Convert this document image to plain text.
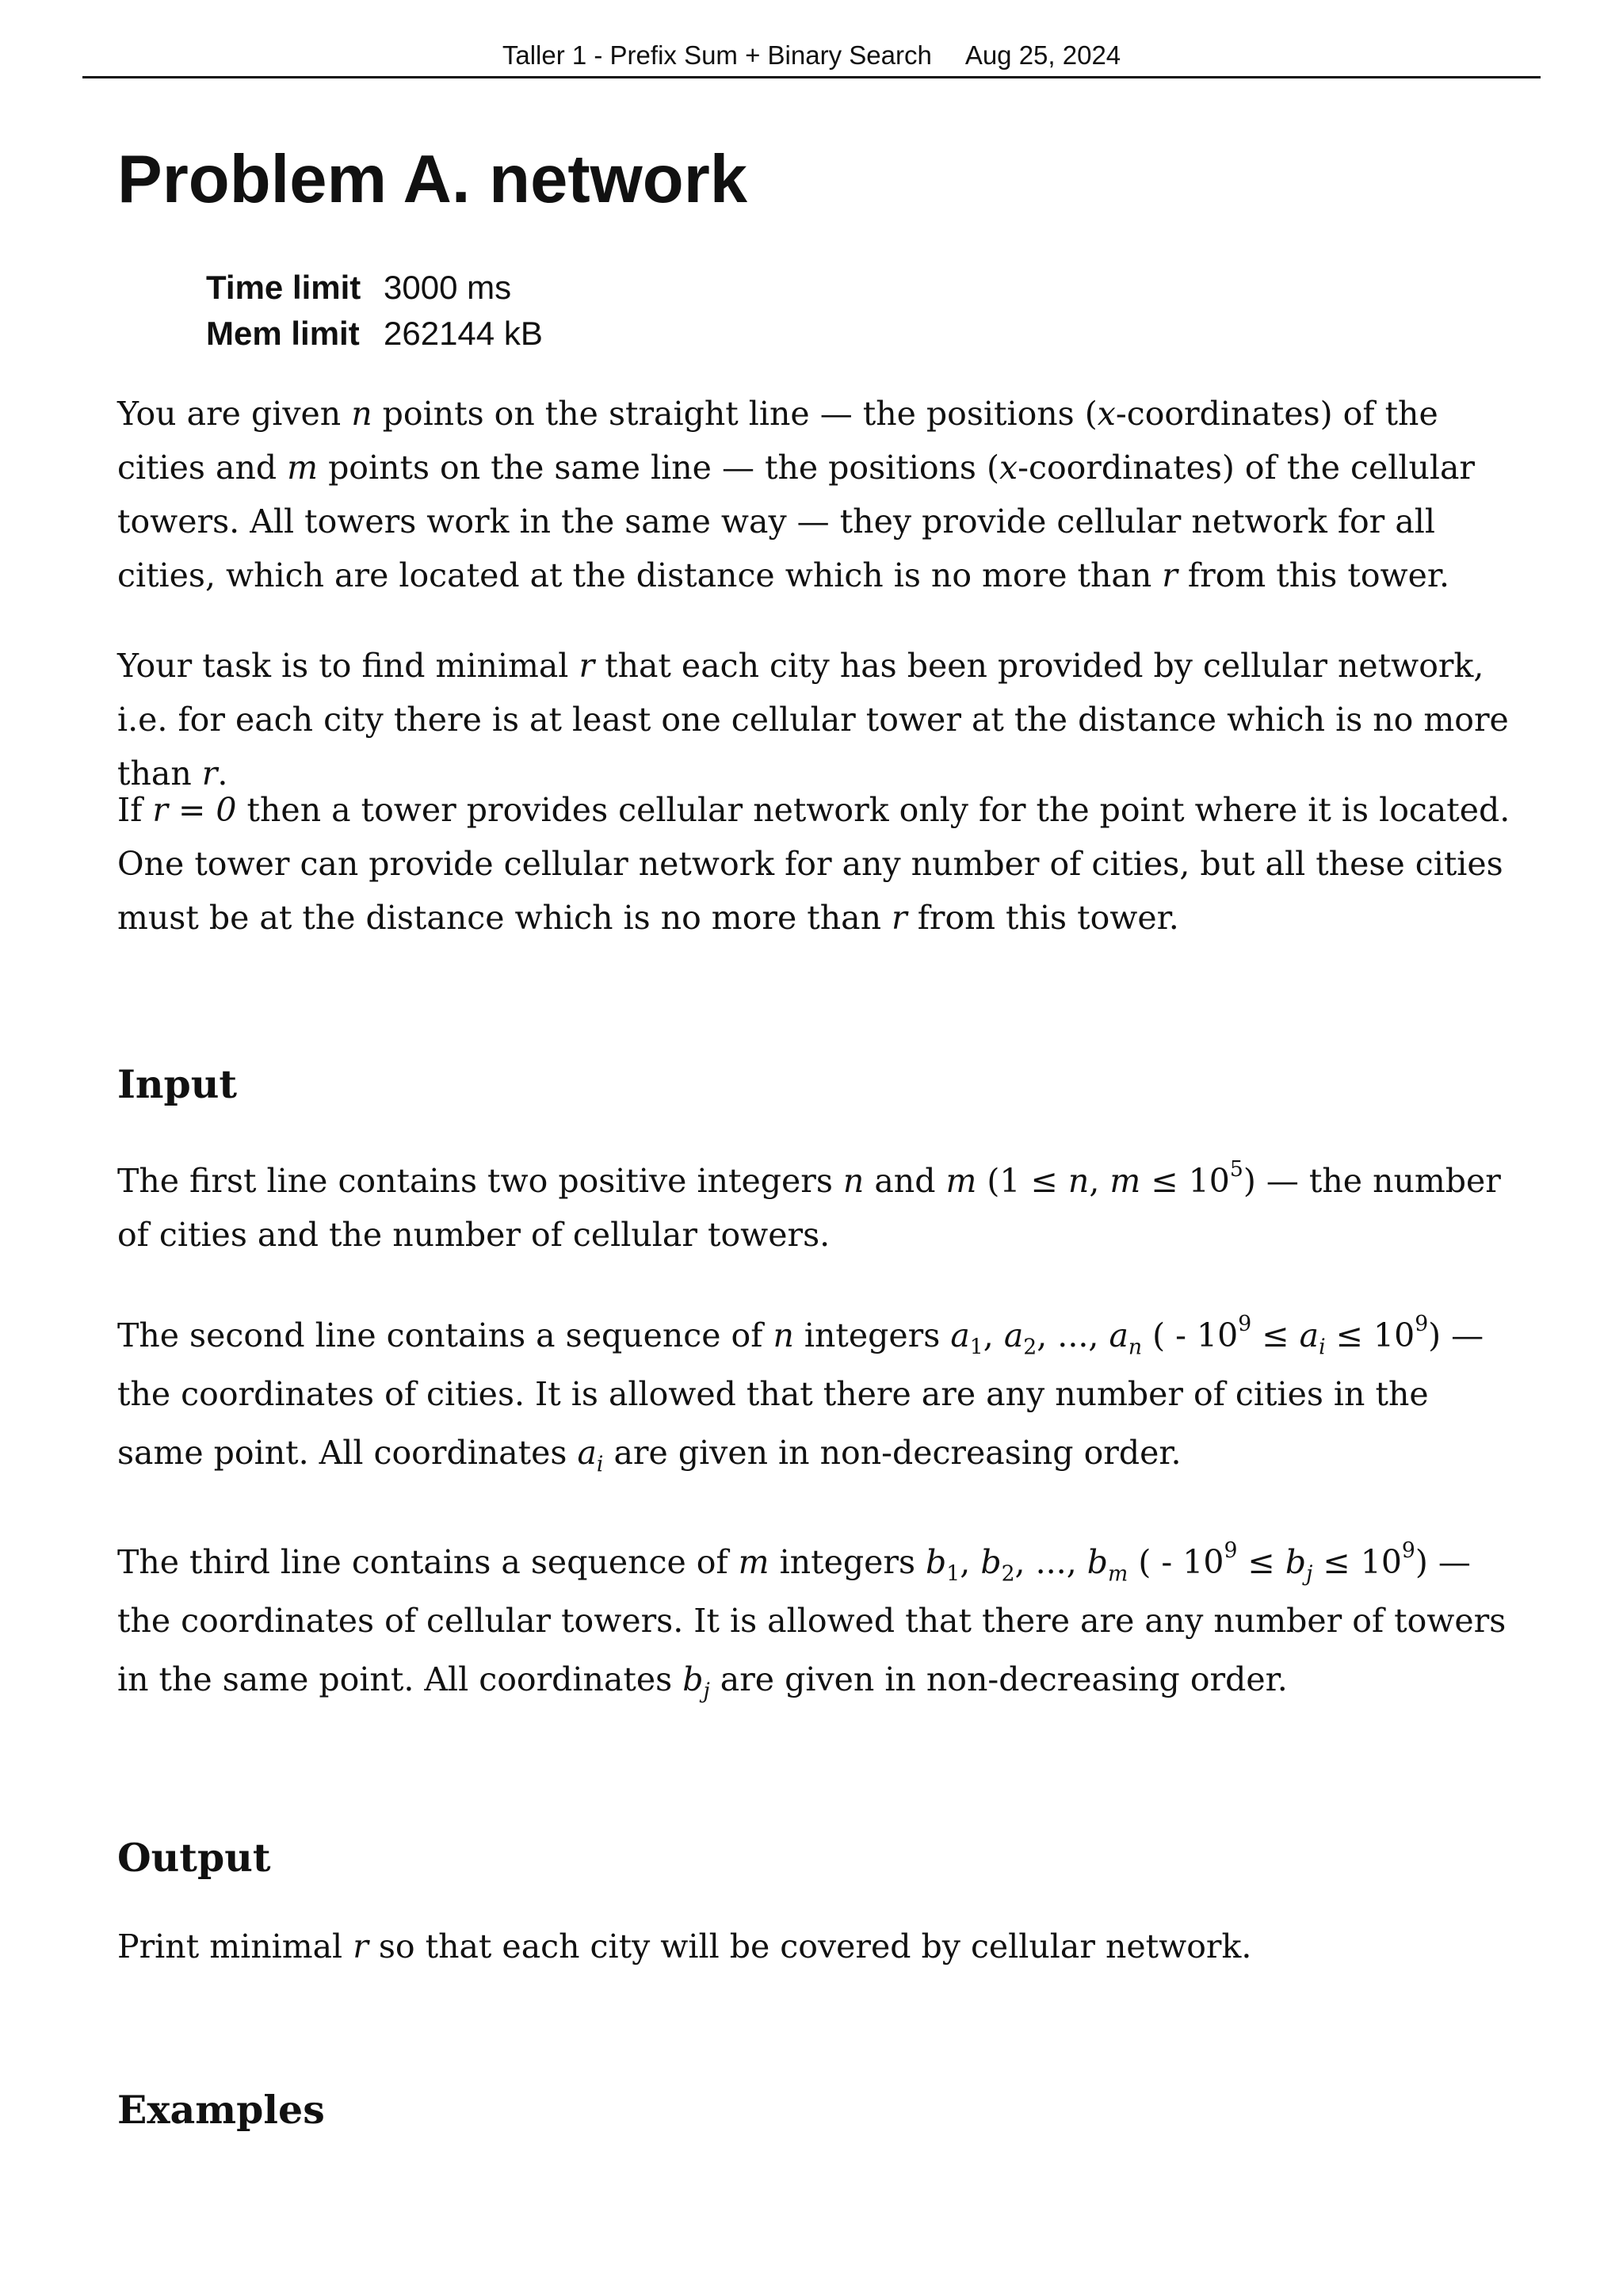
Taller 1 - Prefix Sum + Binary Search Aug 25, 2024
Problem A. network
Time limit 3000 ms
Mem limit 262144 kB

You are given n points on the straight line — the positions (x-coordinates) of the cities and m points on the same line — the positions (x-coordinates) of the cellular towers. All towers work in the same way — they provide cellular network for all cities, which are located at the distance which is no more than r from this tower.

Your task is to find minimal r that each city has been provided by cellular network, i.e. for each city there is at least one cellular tower at the distance which is no more than r.

If r = 0 then a tower provides cellular network only for the point where it is located. One tower can provide cellular network for any number of cities, but all these cities must be at the distance which is no more than r from this tower.

Input

The first line contains two positive integers n and m (1 ≤ n, $m \le 10^5$) — the number of cities and the number of cellular towers.

The second line contains a sequence of n integers $a_1$, $a_2$, ..., $a_n$ ( - $10^9 \le a_i \le 10^9$) — the coordinates of cities. It is allowed that there are any number of cities in the same point. All coordinates $a_i$ are given in non-decreasing order.

The third line contains a sequence of m integers $b_1$, $b_2$, ..., $b_m$ ( - $10^9 \le b_j \le 10^9$) — the coordinates of cellular towers. It is allowed that there are any number of towers in the same point. All coordinates $b_j$ are given in non-decreasing order.

Output

Print minimal r so that each city will be covered by cellular network.

Examples
